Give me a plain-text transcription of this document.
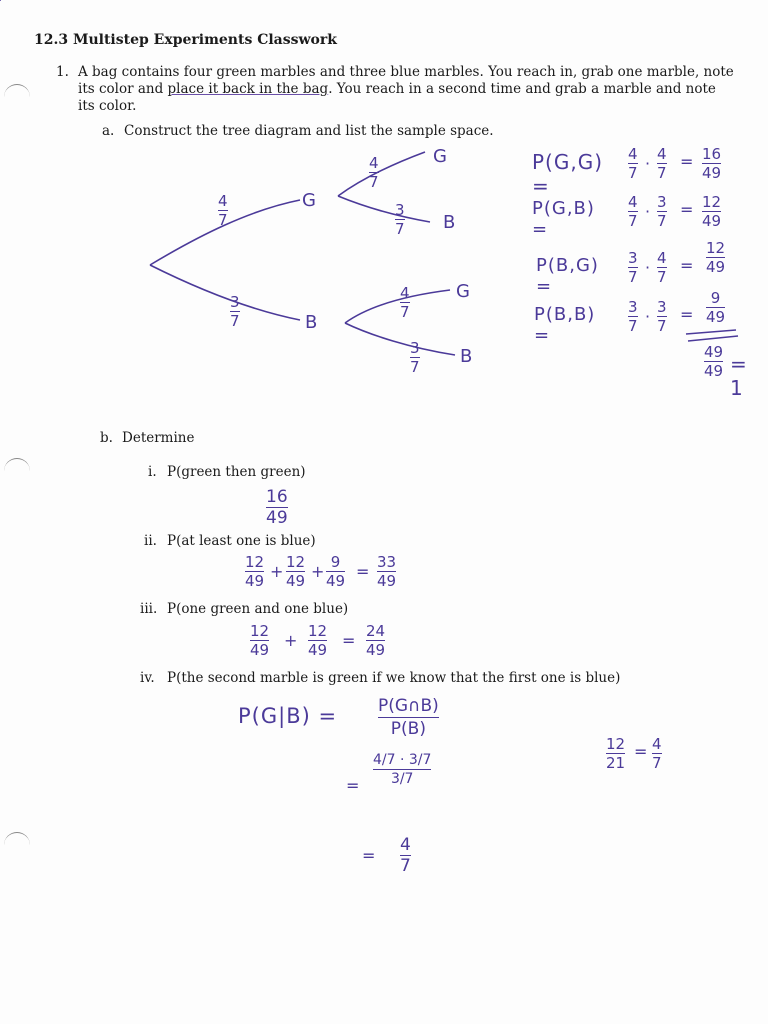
12.3 Multistep Experiments Classwork
1. A bag contains four green marbles and three blue marbles. You reach in, grab one marble, note its color and place it back in the bag. You reach in a second time and grab a marble and note its color.
a. Construct the tree diagram and list the sample space.
4
7
3
7
G
B
4
7
3
7
4
7
3
7
G
B
G
B
P(G,G) =
4
7 · 4
7
= 16
49
P(G,B) =
4
7 · 3
7
= 12
49
P(B,G) =
3
7 · 4
7
=
12
49
P(B,B) =
3
7 · 3
7
=
9
49
49
49 = 1
b. Determine
i. P(green then green)
16
49
ii. P(at least one is blue)
12
49 + 12
49 + 9
49 = 33
49
iii. P(one green and one blue)
12
49 + 12
49 = 24
49
iv. P(the second marble is green if we know that the first one is blue)
P(G|B) = P(G∩B)
P(B)
=
4/7 · 3/7
3/7
=
4
7
12
21
= 4
7
